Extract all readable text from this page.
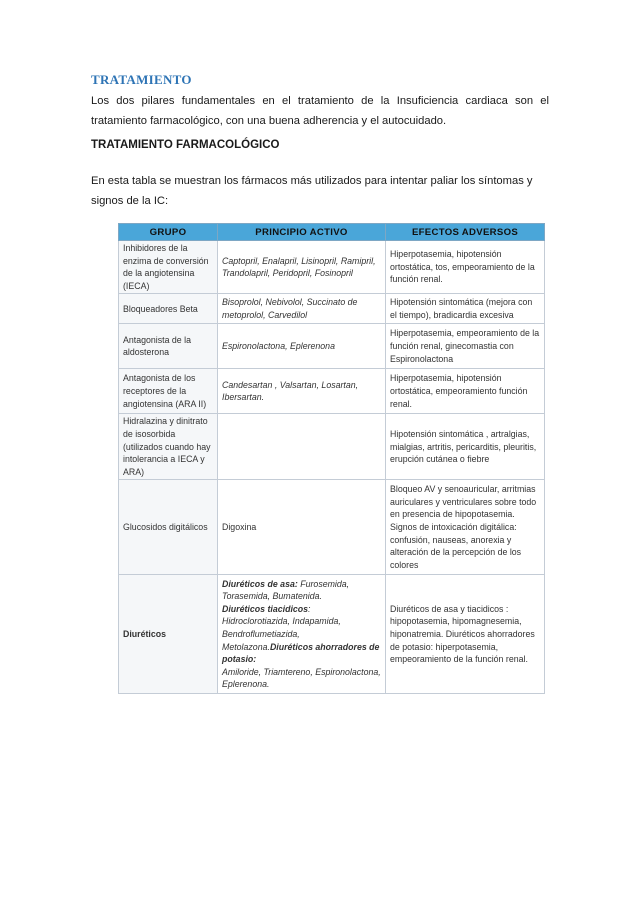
TRATAMIENTO

Los dos pilares fundamentales en el tratamiento de la Insuficiencia cardiaca son el tratamiento farmacológico, con una buena adherencia y el autocuidado.

TRATAMIENTO FARMACOLÓGICO

En esta tabla se muestran los fármacos más utilizados para intentar paliar los síntomas y signos de la IC:

GRUPO	PRINCIPIO ACTIVO	EFECTOS ADVERSOS
Inhibidores de la enzima de conversión de la angiotensina (IECA)	Captopril, Enalapril, Lisinopril, Ramipril, Trandolapril, Peridopril, Fosinopril	Hiperpotasemia, hipotensión ortostática, tos, empeoramiento de la función renal.
Bloqueadores Beta	Bisoprolol, Nebivolol, Succinato de metoprolol, Carvedilol	Hipotensión sintomática (mejora con el tiempo), bradicardia excesiva
Antagonista de la aldosterona	Espironolactona, Eplerenona	Hiperpotasemia, empeoramiento de la función renal, ginecomastia con Espironolactona
Antagonista de los receptores de la angiotensina (ARA II)	Candesartan , Valsartan, Losartan, Ibersartan.	Hiperpotasemia, hipotensión ortostática, empeoramiento función renal.
Hidralazina y dinitrato de isosorbida (utilizados cuando hay intolerancia a IECA y ARA)		Hipotensión sintomática , artralgias, mialgias, artritis, pericarditis, pleuritis, erupción cutánea o fiebre
Glucosidos digitálicos	Digoxina	Bloqueo AV y senoauricular, arritmias auriculares y ventriculares sobre todo en presencia de hipopotasemia. Signos de intoxicación digitálica: confusión, nauseas, anorexia y alteración de la percepción de los colores
Diuréticos	Diuréticos de asa: Furosemida, Torasemida, Bumatenida.
Diuréticos tiacidicos:
Hidroclorotiazida, Indapamida, Bendroflumetiazida, Metolazona.Diuréticos ahorradores de potasio:
Amiloride, Triamtereno, Espironolactona, Eplerenona.	Diuréticos de asa y tiacidicos : hipopotasemia, hipomagnesemia, hiponatremia. Diuréticos ahorradores de potasio: hiperpotasemia, empeoramiento de la función renal.
